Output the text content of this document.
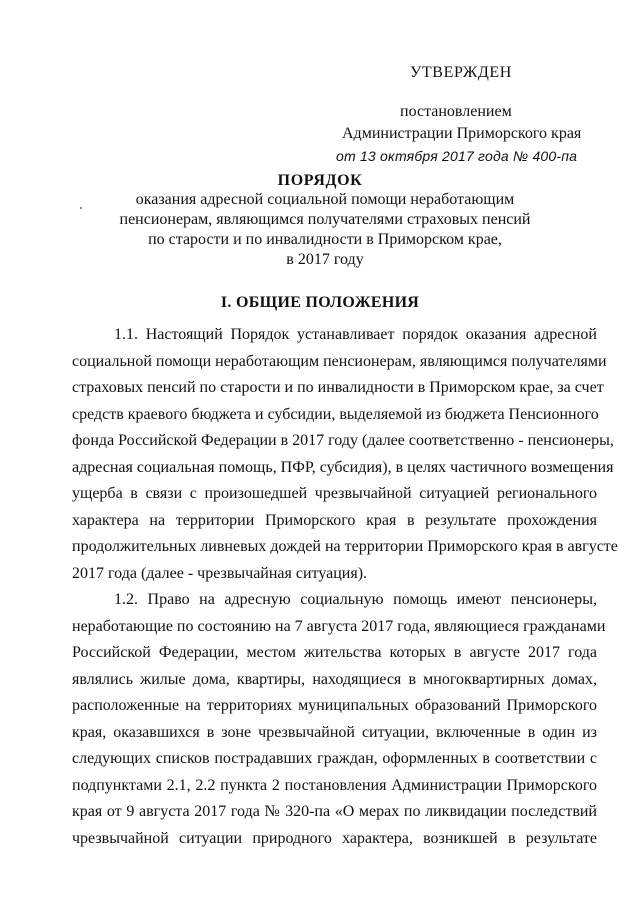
УТВЕРЖДЕН
постановлением
Администрации Приморского края
от 13 октября 2017 года № 400-па
ПОРЯДОК
оказания адресной социальной помощи неработающим
пенсионерам, являющимся получателями страховых пенсий
по старости и по инвалидности в Приморском крае,
в 2017 году
I. ОБЩИЕ ПОЛОЖЕНИЯ

1.1. Настоящий Порядок устанавливает порядок оказания адресной
социальной помощи неработающим пенсионерам, являющимся получателями
страховых пенсий по старости и по инвалидности в Приморском крае, за счет
средств краевого бюджета и субсидии, выделяемой из бюджета Пенсионного
фонда Российской Федерации в 2017 году (далее соответственно - пенсионеры,
адресная социальная помощь, ПФР, субсидия), в целях частичного возмещения
ущерба в связи с произошедшей чрезвычайной ситуацией регионального
характера на территории Приморского края в результате прохождения
продолжительных ливневых дождей на территории Приморского края в августе
2017 года (далее - чрезвычайная ситуация).

1.2. Право на адресную социальную помощь имеют пенсионеры,
неработающие по состоянию на 7 августа 2017 года, являющиеся гражданами
Российской Федерации, местом жительства которых в августе 2017 года
являлись жилые дома, квартиры, находящиеся в многоквартирных домах,
расположенные на территориях муниципальных образований Приморского
края, оказавшихся в зоне чрезвычайной ситуации, включенные в один из
следующих списков пострадавших граждан, оформленных в соответствии с
подпунктами 2.1, 2.2 пункта 2 постановления Администрации Приморского
края от 9 августа 2017 года № 320-па «О мерах по ликвидации последствий
чрезвычайной ситуации природного характера, возникшей в результате
